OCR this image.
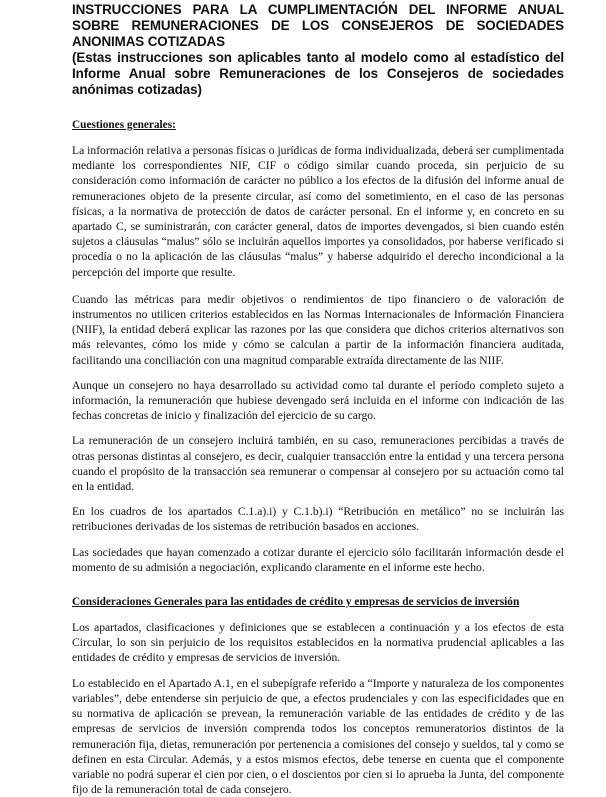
INSTRUCCIONES PARA LA CUMPLIMENTACIÓN DEL INFORME ANUAL SOBRE REMUNERACIONES DE LOS CONSEJEROS DE SOCIEDADES ANONIMAS COTIZADAS
(Estas instrucciones son aplicables tanto al modelo como al estadístico del Informe Anual sobre Remuneraciones de los Consejeros de sociedades anónimas cotizadas)
Cuestiones generales:

La información relativa a personas físicas o jurídicas de forma individualizada, deberá ser cumplimentada mediante los correspondientes NIF, CIF o código similar cuando proceda, sin perjuicio de su consideración como información de carácter no público a los efectos de la difusión del informe anual de remuneraciones objeto de la presente circular, así como del sometimiento, en el caso de las personas físicas, a la normativa de protección de datos de carácter personal. En el informe y, en concreto en su apartado C, se suministrarán, con carácter general, datos de importes devengados, si bien cuando estén sujetos a cláusulas “malus” sólo se incluirán aquellos importes ya consolidados, por haberse verificado si procedía o no la aplicación de las cláusulas “malus” y haberse adquirido el derecho incondicional a la percepción del importe que resulte.

Cuando las métricas para medir objetivos o rendimientos de tipo financiero o de valoración de instrumentos no utilicen criterios establecidos en las Normas Internacionales de Información Financiera (NIIF), la entidad deberá explicar las razones por las que considera que dichos criterios alternativos son más relevantes, cómo los mide y cómo se calculan a partir de la información financiera auditada, facilitando una conciliación con una magnitud comparable extraída directamente de las NIIF.

Aunque un consejero no haya desarrollado su actividad como tal durante el período completo sujeto a información, la remuneración que hubiese devengado será incluida en el informe con indicación de las fechas concretas de inicio y finalización del ejercicio de su cargo.

La remuneración de un consejero incluirá también, en su caso, remuneraciones percibidas a través de otras personas distintas al consejero, es decir, cualquier transacción entre la entidad y una tercera persona cuando el propósito de la transacción sea remunerar o compensar al consejero por su actuación como tal en la entidad.

En los cuadros de los apartados C.1.a).i) y C.1.b).i) “Retribución en metálico” no se incluirán las retribuciones derivadas de los sistemas de retribución basados en acciones.

Las sociedades que hayan comenzado a cotizar durante el ejercicio sólo facilitarán información desde el momento de su admisión a negociación, explicando claramente en el informe este hecho.

Consideraciones Generales para las entidades de crédito y empresas de servicios de inversión

Los apartados, clasificaciones y definiciones que se establecen a continuación y a los efectos de esta Circular, lo son sin perjuicio de los requisitos establecidos en la normativa prudencial aplicables a las entidades de crédito y empresas de servicios de inversión.

Lo establecido en el Apartado A.1, en el subepígrafe referido a “Importe y naturaleza de los componentes variables”, debe entenderse sin perjuicio de que, a efectos prudenciales y con las especificidades que en su normativa de aplicación se prevean, la remuneración variable de las entidades de crédito y de las empresas de servicios de inversión comprenda todos los conceptos remuneratorios distintos de la remuneración fija, dietas, remuneración por pertenencia a comisiones del consejo y sueldos, tal y como se definen en esta Circular. Además, y a estos mismos efectos, debe tenerse en cuenta que el componente variable no podrá superar el cien por cien, o el doscientos por cien si lo aprueba la Junta, del componente fijo de la remuneración total de cada consejero.
